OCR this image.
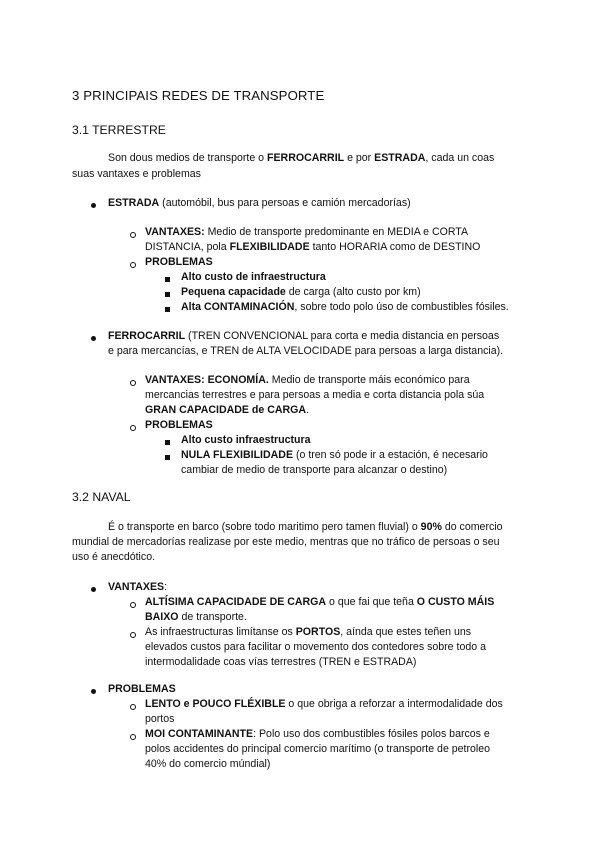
3 PRINCIPAIS REDES DE TRANSPORTE
3.1 TERRESTRE

Son dous medios de transporte o FERROCARRIL e por ESTRADA, cada un coas

suas vantaxes e problemas

ESTRADA (automóbil, bus para persoas e camión mercadorías)

VANTAXES: Medio de transporte predominante en MEDIA e CORTA

DISTANCIA, pola FLEXIBILIDADE tanto HORARIA como de DESTINO

PROBLEMAS

Alto custo de infraestructura

Pequena capacidade de carga (alto custo por km)

Alta CONTAMINACIÓN, sobre todo polo úso de combustibles fósiles.

FERROCARRIL (TREN CONVENCIONAL para corta e media distancia en persoas

e para mercancías, e TREN de ALTA VELOCIDADE para persoas a larga distancia).

VANTAXES: ECONOMÍA. Medio de transporte máis económico para

mercancias terrestres e para persoas a media e corta distancia pola súa

GRAN CAPACIDADE de CARGA.

PROBLEMAS

Alto custo infraestructura

NULA FLEXIBILIDADE (o tren só pode ir a estación, é necesario

cambiar de medio de transporte para alcanzar o destino)

3.2 NAVAL

É o transporte en barco (sobre todo maritimo pero tamen fluvial) o 90% do comercio

mundial de mercadorías realizase por este medio, mentras que no tráfico de persoas o seu

uso é anecdótico.

VANTAXES:

ALTÍSIMA CAPACIDADE DE CARGA o que fai que teña O CUSTO MÁIS

BAIXO de transporte.

As infraestructuras limítanse os PORTOS, aínda que estes teñen uns

elevados custos para facilitar o movemento dos contedores sobre todo a

intermodalidade coas vías terrestres (TREN e ESTRADA)

PROBLEMAS

LENTO e POUCO FLÉXIBLE o que obriga a reforzar a intermodalidade dos

portos

MOI CONTAMINANTE: Polo uso dos combustibles fósiles polos barcos e

polos accidentes do principal comercio marítimo (o transporte de petroleo

40% do comercio múndial)
